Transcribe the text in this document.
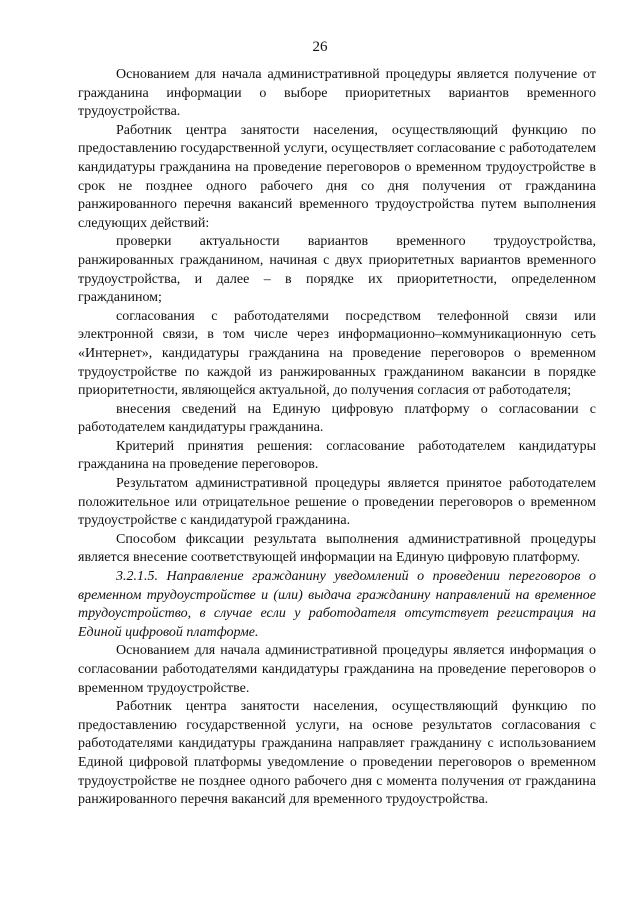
26

Основанием для начала административной процедуры является получение от гражданина информации о выборе приоритетных вариантов временного трудоустройства.

Работник центра занятости населения, осуществляющий функцию по предоставлению государственной услуги, осуществляет согласование с работодателем кандидатуры гражданина на проведение переговоров о временном трудоустройстве в срок не позднее одного рабочего дня со дня получения от гражданина ранжированного перечня вакансий временного трудоустройства путем выполнения следующих действий:

проверки актуальности вариантов временного трудоустройства, ранжированных гражданином, начиная с двух приоритетных вариантов временного трудоустройства, и далее – в порядке их приоритетности, определенном гражданином;

согласования с работодателями посредством телефонной связи или электронной связи, в том числе через информационно–коммуникационную сеть «Интернет», кандидатуры гражданина на проведение переговоров о временном трудоустройстве по каждой из ранжированных гражданином вакансии в порядке приоритетности, являющейся актуальной, до получения согласия от работодателя;

внесения сведений на Единую цифровую платформу о согласовании с работодателем кандидатуры гражданина.

Критерий принятия решения: согласование работодателем кандидатуры гражданина на проведение переговоров.

Результатом административной процедуры является принятое работодателем положительное или отрицательное решение о проведении переговоров о временном трудоустройстве с кандидатурой гражданина.

Способом фиксации результата выполнения административной процедуры является внесение соответствующей информации на Единую цифровую платформу.

3.2.1.5. Направление гражданину уведомлений о проведении переговоров о временном трудоустройстве и (или) выдача гражданину направлений на временное трудоустройство, в случае если у работодателя отсутствует регистрация на Единой цифровой платформе.

Основанием для начала административной процедуры является информация о согласовании работодателями кандидатуры гражданина на проведение переговоров о временном трудоустройстве.

Работник центра занятости населения, осуществляющий функцию по предоставлению государственной услуги, на основе результатов согласования с работодателями кандидатуры гражданина направляет гражданину с использованием Единой цифровой платформы уведомление о проведении переговоров о временном трудоустройстве не позднее одного рабочего дня с момента получения от гражданина ранжированного перечня вакансий для временного трудоустройства.
